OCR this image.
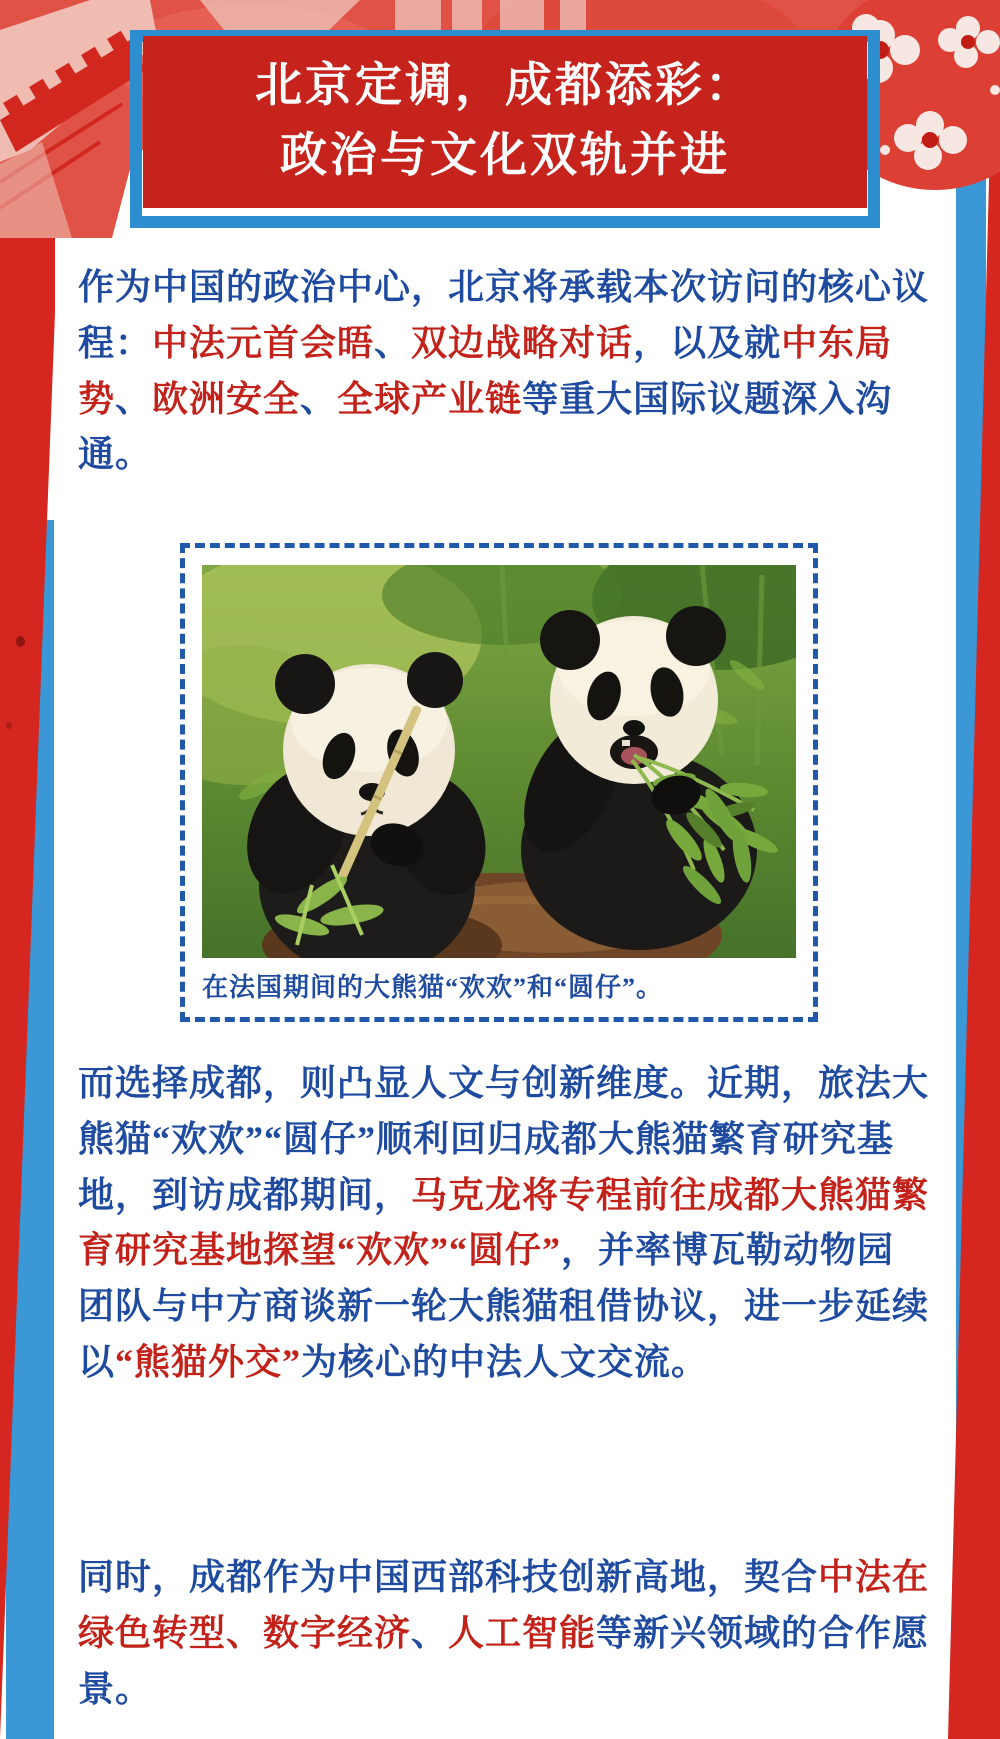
北京定调，成都添彩：
政治与文化双轨并进

作为中国的政治中心，北京将承载本次访问的核心议程：中法元首会晤、双边战略对话，以及就中东局势、欧洲安全、全球产业链等重大国际议题深入沟通。

在法国期间的大熊猫“欢欢”和“圆仔”。

而选择成都，则凸显人文与创新维度。近期，旅法大熊猫“欢欢”“圆仔”顺利回归成都大熊猫繁育研究基地，到访成都期间，马克龙将专程前往成都大熊猫繁育研究基地探望“欢欢”“圆仔”，并率博瓦勒动物园团队与中方商谈新一轮大熊猫租借协议，进一步延续以“熊猫外交”为核心的中法人文交流。

同时，成都作为中国西部科技创新高地，契合中法在绿色转型、数字经济、人工智能等新兴领域的合作愿景。
